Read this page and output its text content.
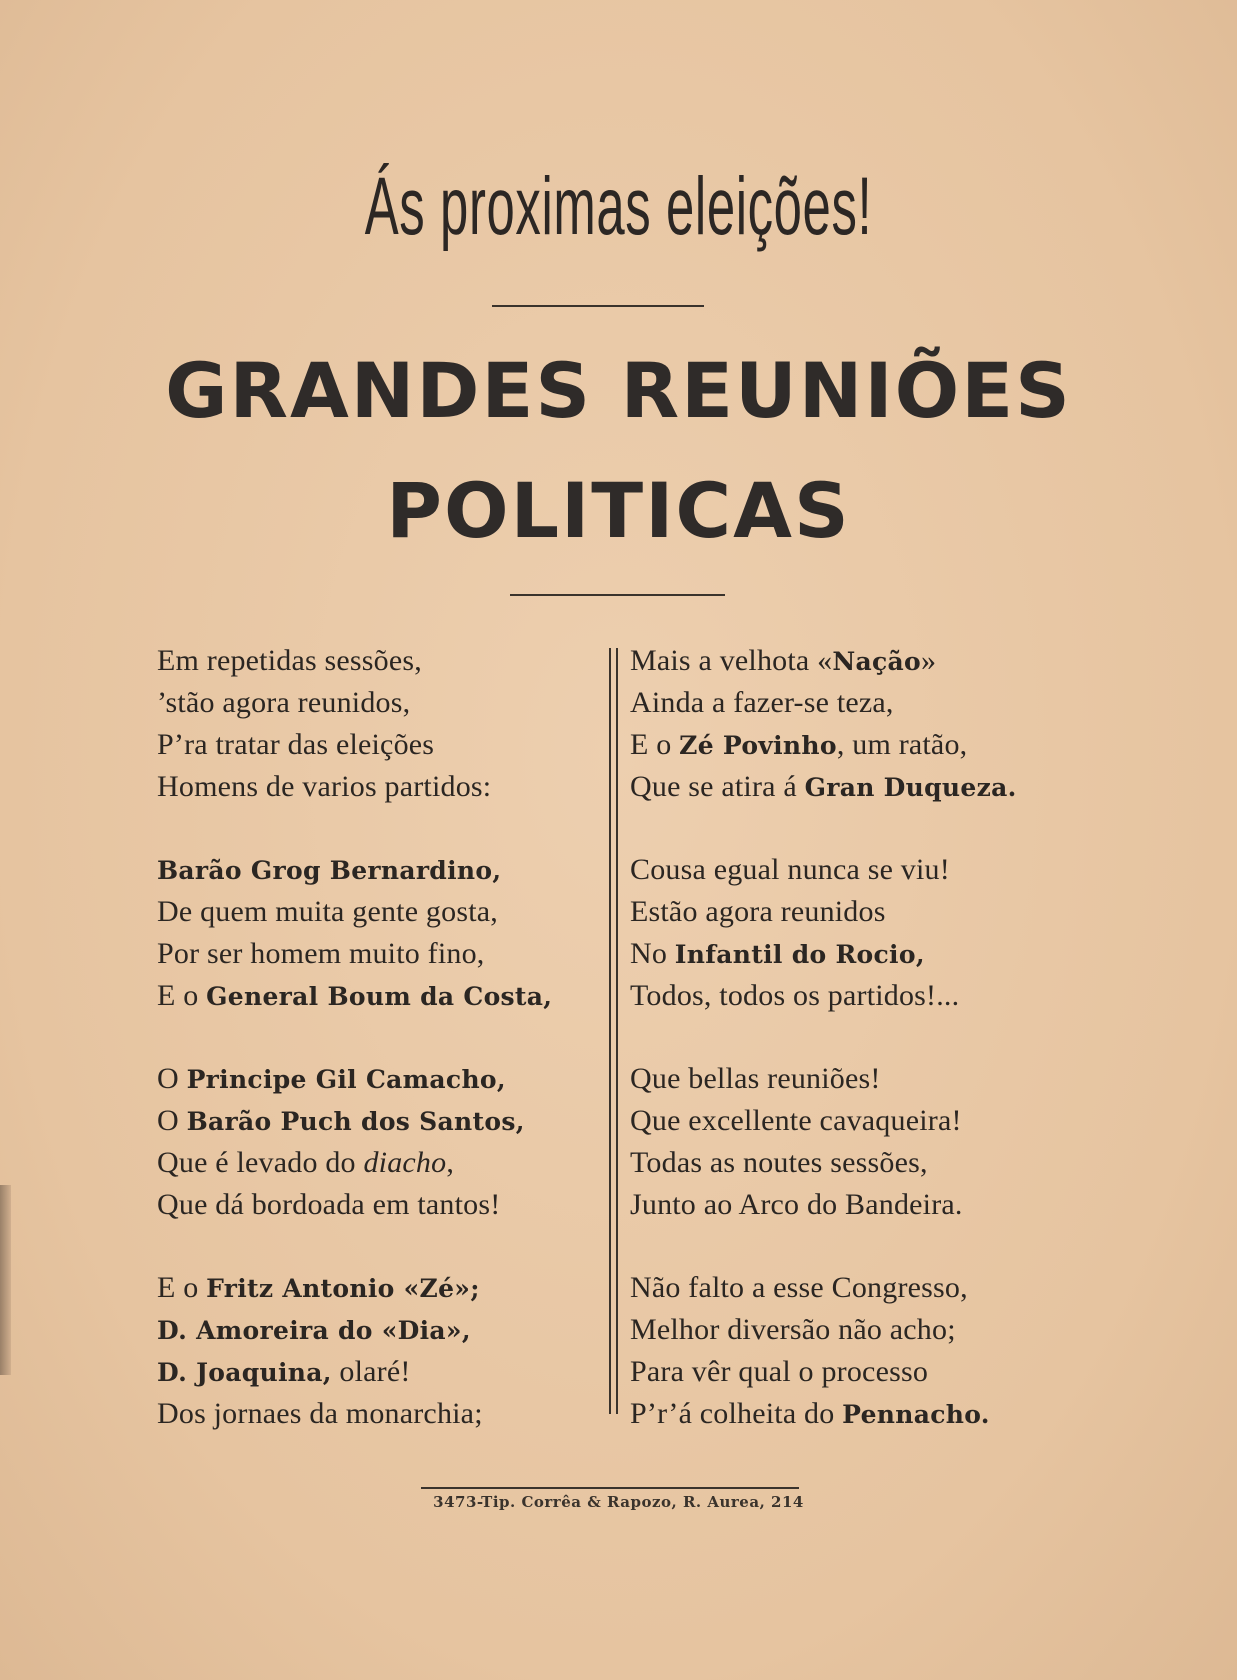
Ás proximas eleições!
GRANDES REUNIÕES
POLITICAS
Em repetidas sessões,
’stão agora reunidos,
P’ra tratar das eleições
Homens de varios partidos:
Barão Grog Bernardino,
De quem muita gente gosta,
Por ser homem muito fino,
E o General Boum da Costa,
O Principe Gil Camacho,
O Barão Puch dos Santos,
Que é levado do diacho,
Que dá bordoada em tantos!
E o Fritz Antonio «Zé»;
D. Amoreira do «Dia»,
D. Joaquina, olaré!
Dos jornaes da monarchia;
Mais a velhota «Nação»
Ainda a fazer-se teza,
E o Zé Povinho, um ratão,
Que se atira á Gran Duqueza.
Cousa egual nunca se viu!
Estão agora reunidos
No Infantil do Rocio,
Todos, todos os partidos!...
Que bellas reuniões!
Que excellente cavaqueira!
Todas as noutes sessões,
Junto ao Arco do Bandeira.
Não falto a esse Congresso,
Melhor diversão não acho;
Para vêr qual o processo
P’r’á colheita do Pennacho.
3473-Tip. Corrêa & Rapozo, R. Aurea, 214
